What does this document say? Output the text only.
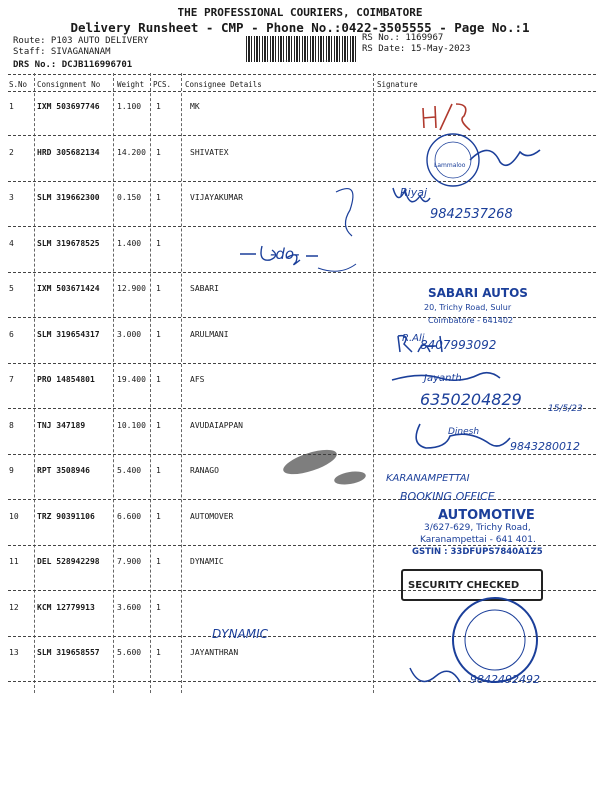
THE PROFESSIONAL COURIERS, COIMBATORE
Delivery Runsheet - CMP - Phone No.:0422-3505555 - Page No.:1
Route: P103 AUTO DELIVERY
Staff: SIVAGANANAM
DRS No.: DCJB116996701
RS No.: 1169967
RS Date: 15-May-2023
S.No Consignment No Weight PCS. Consignee Details	Signature
1	IXM 503697746 1.100 1	MK
2	HRD 305682134 14.200 1	SHIVATEX
3	SLM 319662300 0.150 1	VIJAYAKUMAR
4	SLM 319678525 1.400 1
5	IXM 503671424 12.900 1	SABARI
6	SLM 319654317 3.000 1	ARULMANI
7	PRO 14854801	19.400 1	AFS
8	TNJ 347189	10.100 1	AVUDAIAPPAN
9	RPT 3508946	5.400 1	RANAGO
10 TRZ 90391106	6.600 1	AUTOMOVER
11 DEL 528942298 7.900 1	DYNAMIC
12 KCM 12779913	3.600 1
13 SLM 319658557 5.600 1	JAYANTHRAN
Lammaloo
9842537268
Riyaj
-do-
SABARI AUTOS
20, Trichy Road, Sulur
Coimbatore - 641402
R.Ali
8407993092
Jayanth
6350204829	15/5/23
Dinesh
9843280012
KARANAMPETTAI
BOOKING OFFICE
AUTOMOTIVE
3/627-629, Trichy Road,
Karanampettai - 641 401.
GSTIN : 33DFUPS7840A1Z5
SECURITY CHECKED
DYNAMIC
9842492492
